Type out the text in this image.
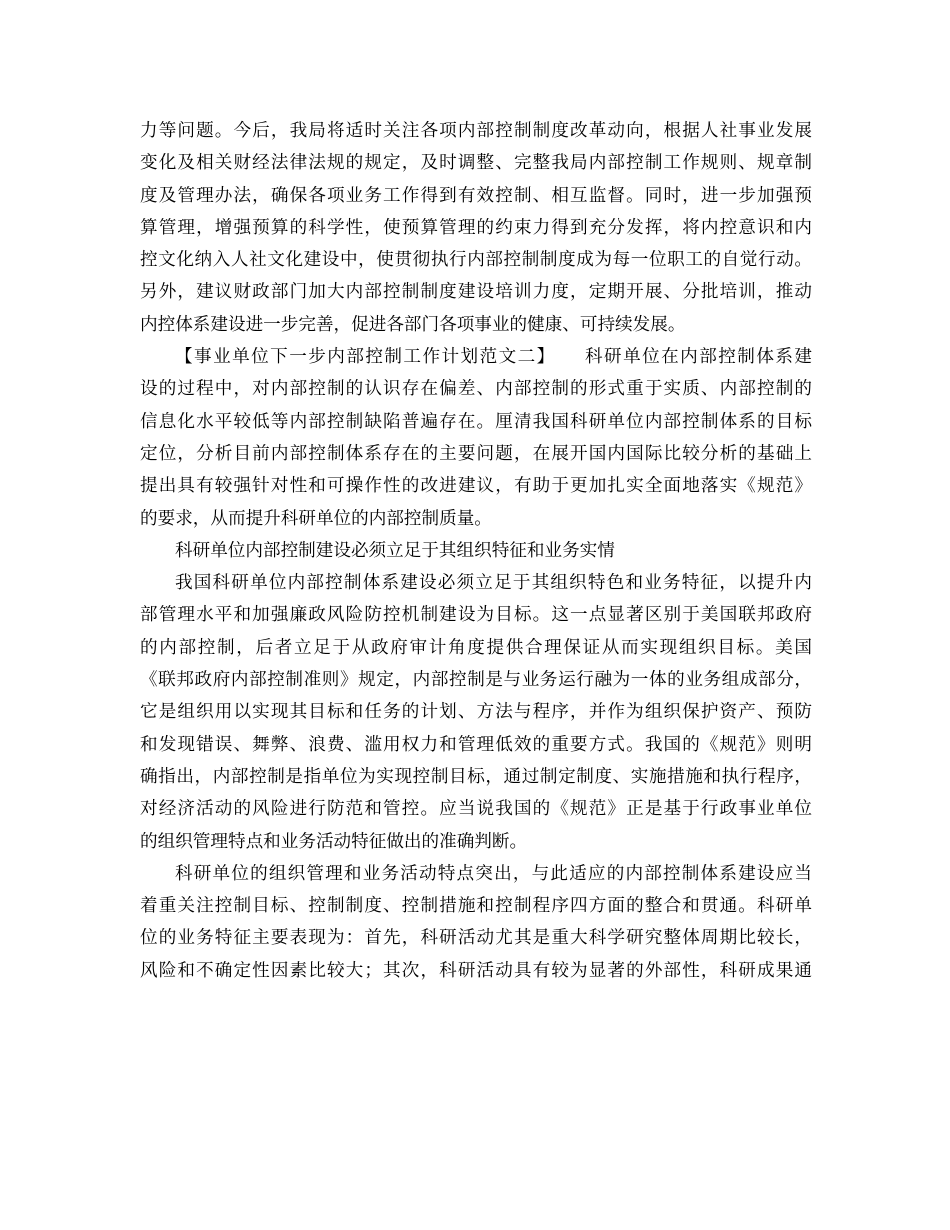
力等问题。今后，我局将适时关注各项内部控制制度改革动向，根据人社事业发展
变化及相关财经法律法规的规定，及时调整、完整我局内部控制工作规则、规章制
度及管理办法，确保各项业务工作得到有效控制、相互监督。同时，进一步加强预
算管理，增强预算的科学性，使预算管理的约束力得到充分发挥，将内控意识和内
控文化纳入人社文化建设中，使贯彻执行内部控制制度成为每一位职工的自觉行动。
另外，建议财政部门加大内部控制制度建设培训力度，定期开展、分批培训，推动
内控体系建设进一步完善，促进各部门各项事业的健康、可持续发展。
【事业单位下一步内部控制工作计划范文二】　　科研单位在内部控制体系建
设的过程中，对内部控制的认识存在偏差、内部控制的形式重于实质、内部控制的
信息化水平较低等内部控制缺陷普遍存在。厘清我国科研单位内部控制体系的目标
定位，分析目前内部控制体系存在的主要问题，在展开国内国际比较分析的基础上
提出具有较强针对性和可操作性的改进建议，有助于更加扎实全面地落实《规范》
的要求，从而提升科研单位的内部控制质量。
科研单位内部控制建设必须立足于其组织特征和业务实情
我国科研单位内部控制体系建设必须立足于其组织特色和业务特征，以提升内
部管理水平和加强廉政风险防控机制建设为目标。这一点显著区别于美国联邦政府
的内部控制，后者立足于从政府审计角度提供合理保证从而实现组织目标。美国
《联邦政府内部控制准则》规定，内部控制是与业务运行融为一体的业务组成部分，
它是组织用以实现其目标和任务的计划、方法与程序，并作为组织保护资产、预防
和发现错误、舞弊、浪费、滥用权力和管理低效的重要方式。我国的《规范》则明
确指出，内部控制是指单位为实现控制目标，通过制定制度、实施措施和执行程序，
对经济活动的风险进行防范和管控。应当说我国的《规范》正是基于行政事业单位
的组织管理特点和业务活动特征做出的准确判断。
科研单位的组织管理和业务活动特点突出，与此适应的内部控制体系建设应当
着重关注控制目标、控制制度、控制措施和控制程序四方面的整合和贯通。科研单
位的业务特征主要表现为：首先，科研活动尤其是重大科学研究整体周期比较长，
风险和不确定性因素比较大；其次，科研活动具有较为显著的外部性，科研成果通
